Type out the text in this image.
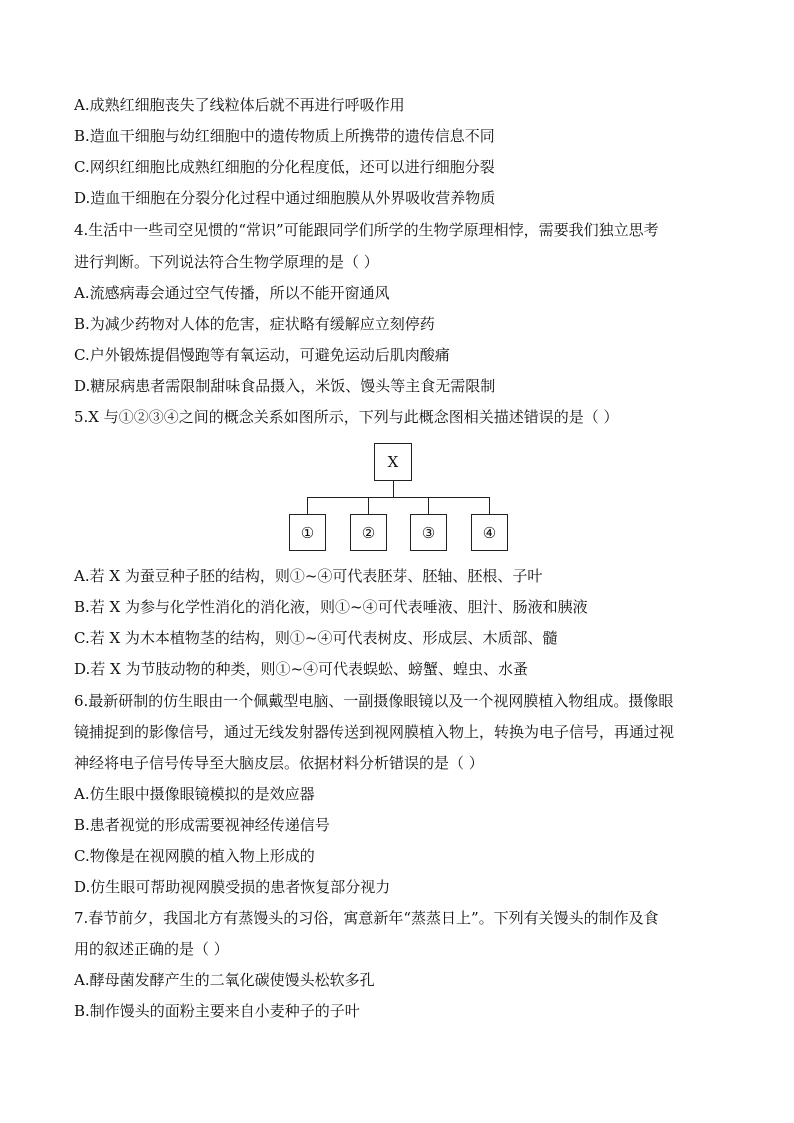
A.成熟红细胞丧失了线粒体后就不再进行呼吸作用
B.造血干细胞与幼红细胞中的遗传物质上所携带的遗传信息不同
C.网织红细胞比成熟红细胞的分化程度低，还可以进行细胞分裂
D.造血干细胞在分裂分化过程中通过细胞膜从外界吸收营养物质
4.生活中一些司空见惯的“常识”可能跟同学们所学的生物学原理相悖，需要我们独立思考
进行判断。下列说法符合生物学原理的是（ ）
A.流感病毒会通过空气传播，所以不能开窗通风
B.为减少药物对人体的危害，症状略有缓解应立刻停药
C.户外锻炼提倡慢跑等有氧运动，可避免运动后肌肉酸痛
D.糖尿病患者需限制甜味食品摄入，米饭、馒头等主食无需限制
5.X 与①②③④之间的概念关系如图所示，下列与此概念图相关描述错误的是（ ）
X
①	②	③	④
A.若 X 为蚕豆种子胚的结构，则①~④可代表胚芽、胚轴、胚根、子叶
B.若 X 为参与化学性消化的消化液，则①~④可代表唾液、胆汁、肠液和胰液
C.若 X 为木本植物茎的结构，则①~④可代表树皮、形成层、木质部、髓
D.若 X 为节肢动物的种类，则①~④可代表蜈蚣、螃蟹、蝗虫、水蚤
6.最新研制的仿生眼由一个佩戴型电脑、一副摄像眼镜以及一个视网膜植入物组成。摄像眼
镜捕捉到的影像信号，通过无线发射器传送到视网膜植入物上，转换为电子信号，再通过视
神经将电子信号传导至大脑皮层。依据材料分析错误的是（ ）
A.仿生眼中摄像眼镜模拟的是效应器
B.患者视觉的形成需要视神经传递信号
C.物像是在视网膜的植入物上形成的
D.仿生眼可帮助视网膜受损的患者恢复部分视力
7.春节前夕，我国北方有蒸馒头的习俗，寓意新年“蒸蒸日上”。下列有关馒头的制作及食
用的叙述正确的是（ ）
A.酵母菌发酵产生的二氧化碳使馒头松软多孔
B.制作馒头的面粉主要来自小麦种子的子叶
